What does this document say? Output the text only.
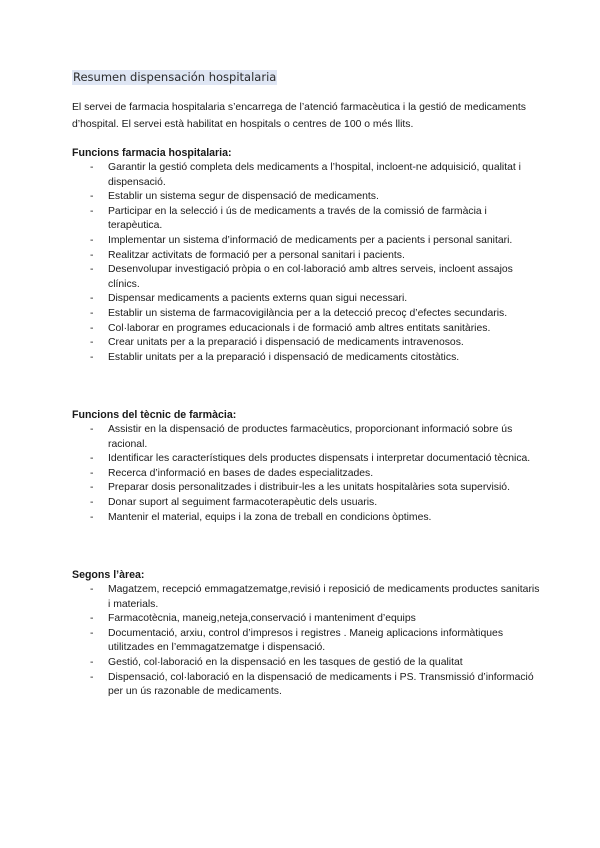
Resumen dispensación hospitalaria
El servei de farmacia hospitalaria s’encarrega de l’atenció farmacèutica i la gestió de medicaments d’hospital. El servei està habilitat en hospitals o centres de 100 o més llits.

Funcions farmacia hospitalaria:

- Garantir la gestió completa dels medicaments a l’hospital, incloent-ne adquisició, qualitat i dispensació.
- Establir un sistema segur de dispensació de medicaments.
- Participar en la selecció i ús de medicaments a través de la comissió de farmàcia i terapèutica.
- Implementar un sistema d’informació de medicaments per a pacients i personal sanitari.
- Realitzar activitats de formació per a personal sanitari i pacients.
- Desenvolupar investigació pròpia o en col·laboració amb altres serveis, incloent assajos clínics.
- Dispensar medicaments a pacients externs quan sigui necessari.
- Establir un sistema de farmacovigilància per a la detecció precoç d’efectes secundaris.
- Col·laborar en programes educacionals i de formació amb altres entitats sanitàries.
- Crear unitats per a la preparació i dispensació de medicaments intravenosos.
- Establir unitats per a la preparació i dispensació de medicaments citostàtics.

Funcions del tècnic de farmàcia:

- Assistir en la dispensació de productes farmacèutics, proporcionant informació sobre ús racional.
- Identificar les característiques dels productes dispensats i interpretar documentació tècnica.
- Recerca d’informació en bases de dades especialitzades.
- Preparar dosis personalitzades i distribuir-les a les unitats hospitalàries sota supervisió.
- Donar suport al seguiment farmacoterapèutic dels usuaris.
- Mantenir el material, equips i la zona de treball en condicions òptimes.

Segons l’àrea:

- Magatzem, recepció emmagatzematge,revisió i reposició de medicaments productes sanitaris i materials.
- Farmacotècnia, maneig,neteja,conservació i manteniment d’equips
- Documentació, arxiu, control d’impresos i registres . Maneig aplicacions informàtiques utilitzades en l’emmagatzematge i dispensació.
- Gestió, col·laboració en la dispensació en les tasques de gestió de la qualitat
- Dispensació, col·laboració en la dispensació de medicaments i PS. Transmissió d’informació per un ús razonable de medicaments.
